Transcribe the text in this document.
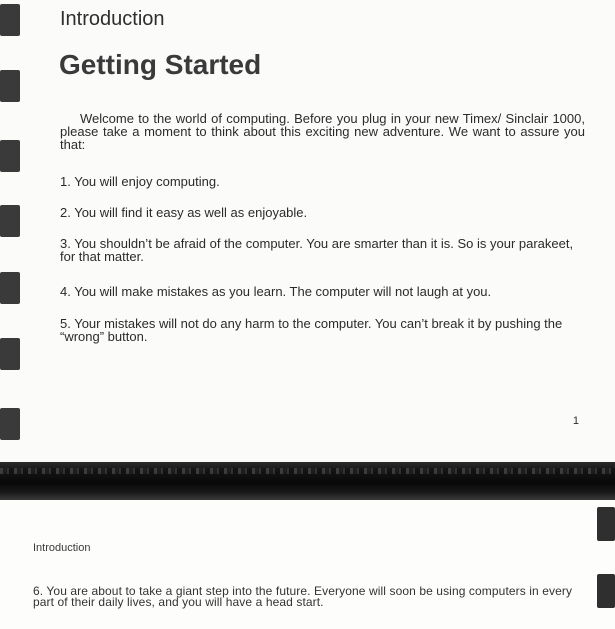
Introduction
Getting Started

Welcome to the world of computing. Before you plug in your new Timex/ Sinclair 1000, please take a moment to think about this exciting new adventure. We want to assure you that:

1. You will enjoy computing.

2. You will find it easy as well as enjoyable.

3. You shouldn’t be afraid of the computer. You are smarter than it is. So is your parakeet, for that matter.

4. You will make mistakes as you learn. The computer will not laugh at you.

5. Your mistakes will not do any harm to the computer. You can’t break it by pushing the “wrong” button.

1

Introduction

6. You are about to take a giant step into the future. Everyone will soon be using computers in every part of their daily lives, and you will have a head start.
